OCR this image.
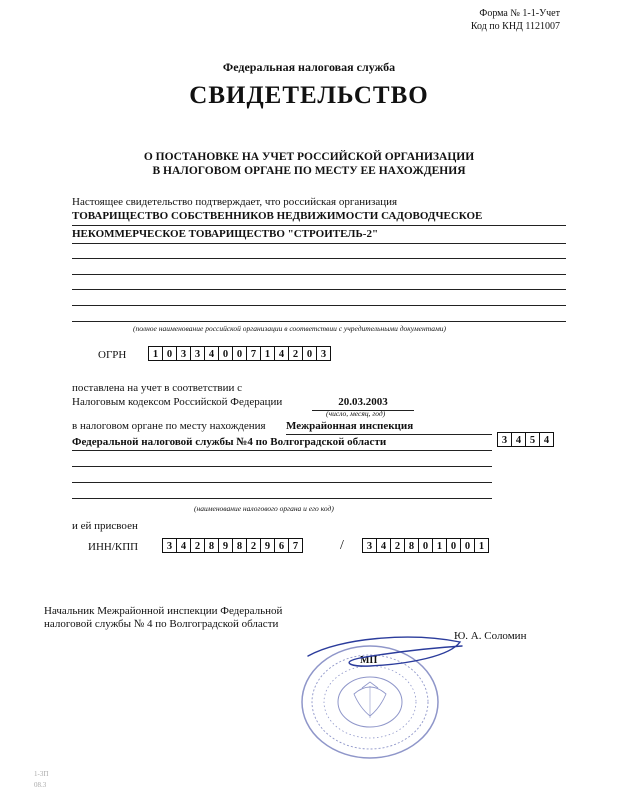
Форма № 1-1-Учет
Код по КНД 1121007
Федеральная налоговая служба
СВИДЕТЕЛЬСТВО
О ПОСТАНОВКЕ НА УЧЕТ РОССИЙСКОЙ ОРГАНИЗАЦИИ
В НАЛОГОВОМ ОРГАНЕ ПО МЕСТУ ЕЕ НАХОЖДЕНИЯ
Настоящее свидетельство подтверждает, что российская организация
ТОВАРИЩЕСТВО СОБСТВЕННИКОВ НЕДВИЖИМОСТИ САДОВОДЧЕСКОЕ
НЕКОММЕРЧЕСКОЕ ТОВАРИЩЕСТВО "СТРОИТЕЛЬ-2"
(полное наименование российской организации в соответствии с учредительными документами)
ОГРН	1 0 3 3 4 0 0 7 1 4 2 0 3
поставлена на учет в соответствии с
Налоговым кодексом Российской Федерации	20.03.2003
(число, месяц, год)
в налоговом органе по месту нахождения Межрайонная инспекция
Федеральной налоговой службы №4 по Волгоградской области	3 4 5 4
(наименование налогового органа и его код)
и ей присвоен
ИНН/КПП	3 4 2 8 9 8 2 9 6 7	/	3 4 2 8 0 1 0 0 1
Начальник Межрайонной инспекции Федеральной
налоговой службы № 4 по Волгоградской области
Ю. А. Соломин
МП
1-3П
08.3
